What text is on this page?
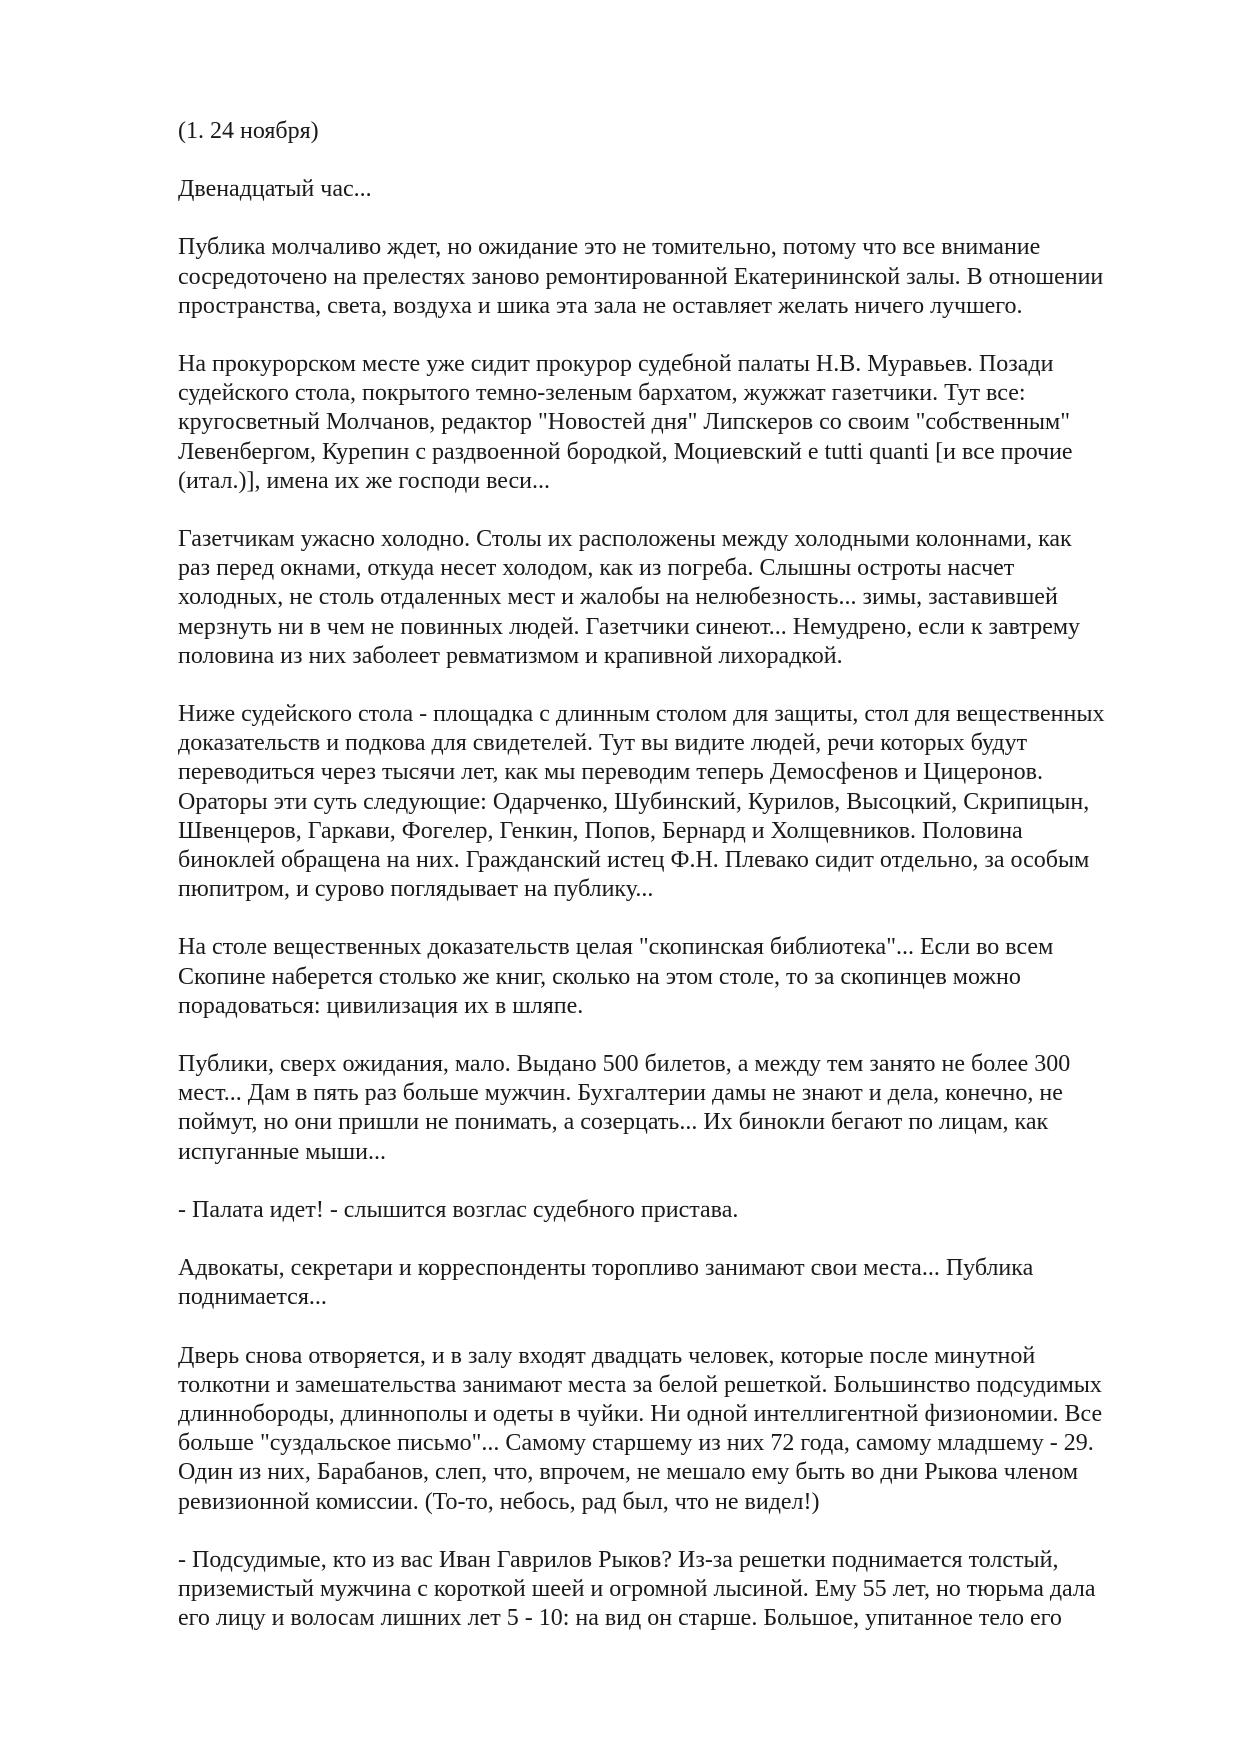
(1. 24 ноября)

Двенадцатый час...

Публика молчаливо ждет, но ожидание это не томительно, потому что все внимание
сосредоточено на прелестях заново ремонтированной Екатерининской залы. В отношении
пространства, света, воздуха и шика эта зала не оставляет желать ничего лучшего.

На прокурорском месте уже сидит прокурор судебной палаты Н.В. Муравьев. Позади
судейского стола, покрытого темно-зеленым бархатом, жужжат газетчики. Тут все:
кругосветный Молчанов, редактор "Новостей дня" Липскеров со своим "собственным"
Левенбергом, Курепин с раздвоенной бородкой, Моциевский e tutti quanti [и все прочие
(итал.)], имена их же господи веси...

Газетчикам ужасно холодно. Столы их расположены между холодными колоннами, как
раз перед окнами, откуда несет холодом, как из погреба. Слышны остроты насчет
холодных, не столь отдаленных мест и жалобы на нелюбезность... зимы, заставившей
мерзнуть ни в чем не повинных людей. Газетчики синеют... Немудрено, если к завтрему
половина из них заболеет ревматизмом и крапивной лихорадкой.

Ниже судейского стола - площадка с длинным столом для защиты, стол для вещественных
доказательств и подкова для свидетелей. Тут вы видите людей, речи которых будут
переводиться через тысячи лет, как мы переводим теперь Демосфенов и Цицеронов.
Ораторы эти суть следующие: Одарченко, Шубинский, Курилов, Высоцкий, Скрипицын,
Швенцеров, Гаркави, Фогелер, Генкин, Попов, Бернард и Холщевников. Половина
биноклей обращена на них. Гражданский истец Ф.Н. Плевако сидит отдельно, за особым
пюпитром, и сурово поглядывает на публику...

На столе вещественных доказательств целая "скопинская библиотека"... Если во всем
Скопине наберется столько же книг, сколько на этом столе, то за скопинцев можно
порадоваться: цивилизация их в шляпе.

Публики, сверх ожидания, мало. Выдано 500 билетов, а между тем занято не более 300
мест... Дам в пять раз больше мужчин. Бухгалтерии дамы не знают и дела, конечно, не
поймут, но они пришли не понимать, а созерцать... Их бинокли бегают по лицам, как
испуганные мыши...

- Палата идет! - слышится возглас судебного пристава.

Адвокаты, секретари и корреспонденты торопливо занимают свои места... Публика
поднимается...

Дверь снова отворяется, и в залу входят двадцать человек, которые после минутной
толкотни и замешательства занимают места за белой решеткой. Большинство подсудимых
длиннобороды, длиннополы и одеты в чуйки. Ни одной интеллигентной физиономии. Все
больше "суздальское письмо"... Самому старшему из них 72 года, самому младшему - 29.
Один из них, Барабанов, слеп, что, впрочем, не мешало ему быть во дни Рыкова членом
ревизионной комиссии. (То-то, небось, рад был, что не видел!)

- Подсудимые, кто из вас Иван Гаврилов Рыков? Из-за решетки поднимается толстый,
приземистый мужчина с короткой шеей и огромной лысиной. Ему 55 лет, но тюрьма дала
его лицу и волосам лишних лет 5 - 10: на вид он старше. Большое, упитанное тело его
